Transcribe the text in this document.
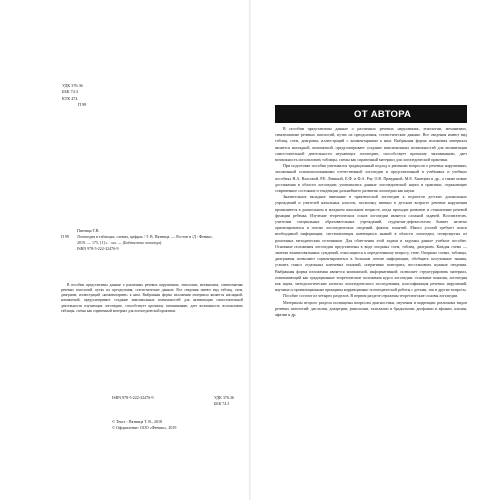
УДК 376.36
ББК 74.3
КТК 474
П 99
Пятница Т.В.
П 99	Логопедия в таблицах, схемах, цифрах / Т. В. Пятница. — Ростов н /Д : Феникс,
2019. — 175, [1] с. : ил. — (Библиотека логопеда).
ISBN 978-5-222-32476-9
В пособии представлены данные о различных речевых нарушениях, этиологии, механизмах, симптоматике речевых патологий, путях их преодоления, статистические данные. Все сведения имеют вид таблиц, схем, диаграмм, иллюстраций «комментариев» к ним. Выбранная форма изложения материала является наглядной, компактной, предусматривает создание максимальных возможностей для активизации самостоятельной деятельности изучающих логопедию, способствует прочному запоминанию, дает возможность использовать таблицы, схемы как справочный материал для логопедической практики.
ISBN 978-5-222-32476-9	УДК 376.36
ББК 74.3
© Текст : Пятница Т. В., 2018
© Оформление: ООО «Феникс», 2019
ОТ АВТОРА

В пособии представлены данные о различных речевых нарушениях, этиологии, механизмах, симптоматике речевых патологий, путях их преодоления, статистические данные. Все сведения имеют вид таблиц, схем, диаграмм, иллюстраций с комментариями к ним. Выбранная форма изложения материала является наглядной, компактной, предусматривает создание максимальных возможностей для активизации самостоятельной деятельности изучающих логопедию, способствует прочному запоминанию, дает возможность использовать таблицы, схемы как справочный материал для логопедической практики.

При подготовке пособия учитывался традиционный подход к решению вопросов о речевых нарушениях, заложенный основоположниками отечественной логопедии и представленный в учебниках и учебных пособиях Н.А. Власовой, Р.Е. Левиной, Е.Ф. и Ф.А. Рау, О.В. Правдиной, М.Е. Хватцева и др., а также новые достижения в области логопедии; учитывались данные логопедической науки и практики, отражающие современное состояние и тенденции дальнейшего развития логопедии как науки.

Значительное вкладное внимание в практической логопедии к педагогов детских дошкольных учреждений и учителей начальных классов, поскольку именно в детском возрасте речевые нарушения проявляются в дошкольном и младшем школьном возрасте, когда проходит развитие и становление речевой функции ребенка. Изучение теоретических основ логопедии является сложной задачей. Воспитателю, учителям специальных образовательных учреждений, студентам-дефектологам бывает нелегко ориентироваться в потоке логопедических сведений, фактов, понятий. Много усилий требуют поиск необходимой информации, систематизация имеющихся знаний в области логопедии, почерпнутых из различных методических источников. Для облегчения этой задачи и задуман данное учебное пособие. Основные положения логопедии представлены в виде опорных схем, таблиц, диаграмм. Каждая схема — заметка взаимосвязанных суждений, относящихся к определенному вопросу, теме. Опорные схемы, таблицы, диаграммы позволяют сориентироваться в большом потоке информации, обобщить полученные знания, усвоить смысл отдельных ключевых понятий, оперативно повторить, восстановить нужные сведения. Выбранная форма изложения является компактной, информативной; позволяет структурировать материал, охватывающий как традиционные теоретические положения курса логопедии: основные понятия, логопедия как наука, методологические аспекты логопедического исследования, классификация речевых нарушений, научные и организационные принципы коррекционно-логопедической работы с детьми, так и другие вопросы.

Пособие состоит из четырех разделов. В первом разделе отражены теоретические основы логопедии.

Материалы второго раздела посвящены вопросам диагностики, изучения и коррекции различных видов речевых патологий: дислалии, дизартрии, ринолалии, тахилалии и брадилалии, дисфонии и афонии, алалии, афазии и др.
